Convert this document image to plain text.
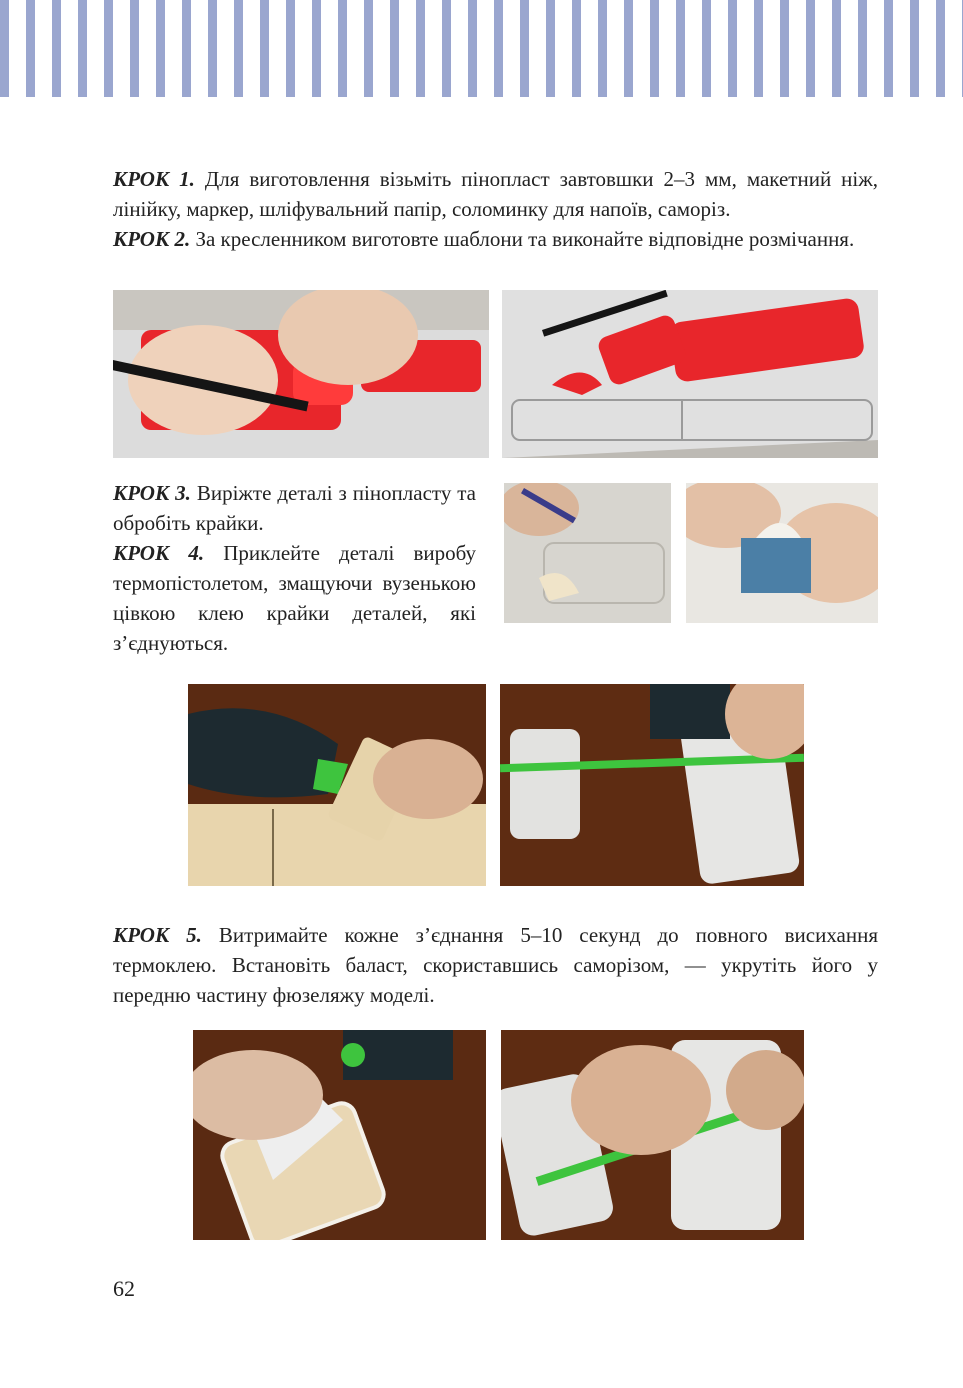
КРОК 1. Для виготовлення візьміть пінопласт завтовшки 2–3 мм, макетний ніж, лінійку, маркер, шліфувальний папір, соломинку для напоїв, саморіз.
КРОК 2. За кресленником виготовте шаблони та виконайте відповідне розмічання.

КРОК 3. Виріжте деталі з пінопласту та обробіть крайки.
КРОК 4. Приклейте деталі виробу термопістолетом, змащуючи вузенькою цівкою клею крайки деталей, які з’єднуються.

КРОК 5. Витримайте кожне з’єднання 5–10 секунд до повного висихання термоклею. Встановіть баласт, скориставшись саморізом, — укрутіть його у передню частину фюзеляжу моделі.

62
